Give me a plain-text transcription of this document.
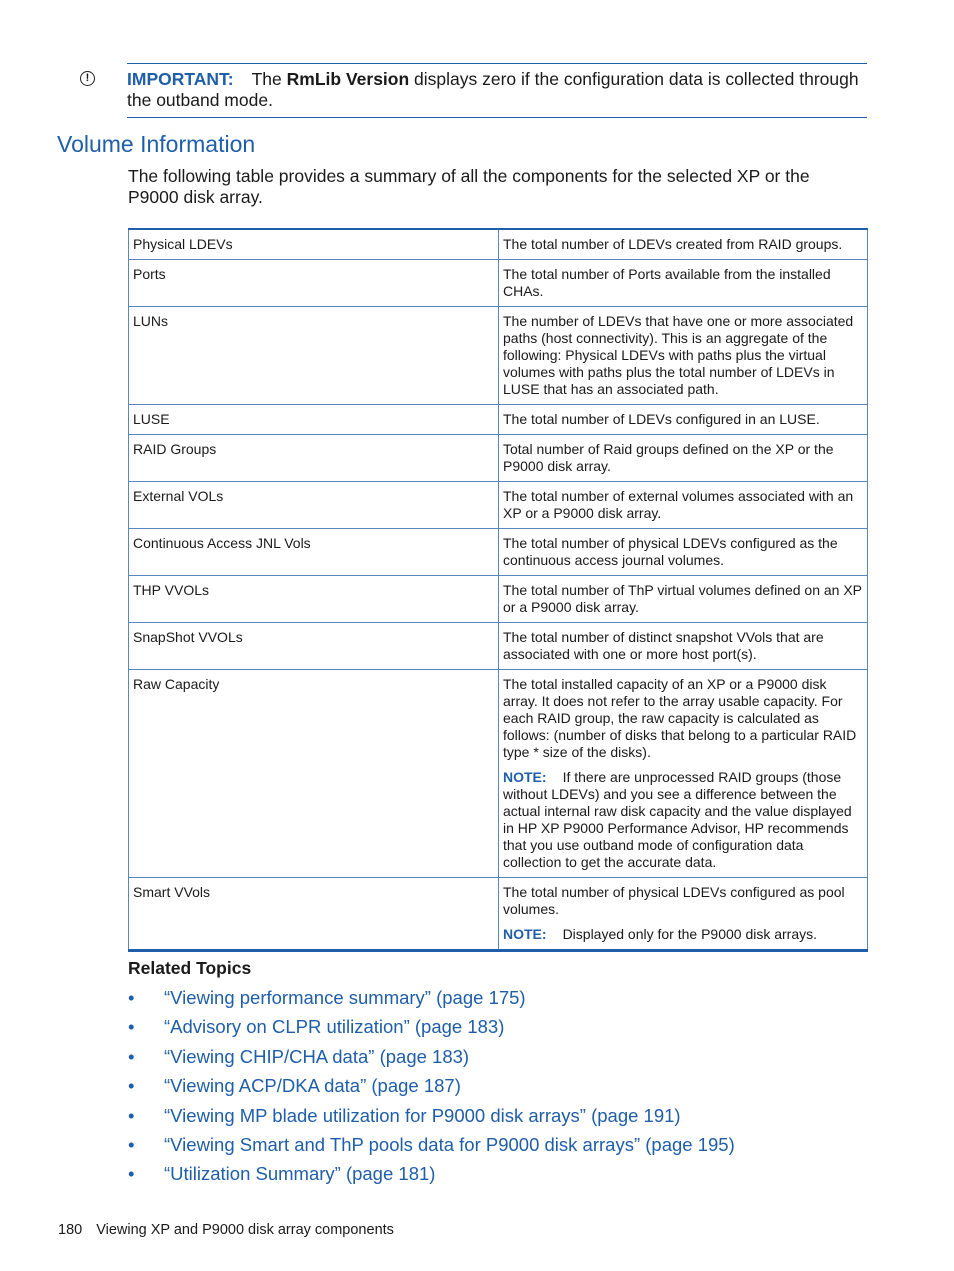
!	IMPORTANT: The RmLib Version displays zero if the configuration data is collected through the outband mode.
Volume Information

The following table provides a summary of all the components for the selected XP or the P9000 disk array.

Physical LDEVs	The total number of LDEVs created from RAID groups.

Ports	The total number of Ports available from the installed CHAs.

LUNs	The number of LDEVs that have one or more associated paths (host connectivity). This is an aggregate of the following: Physical LDEVs with paths plus the virtual volumes with paths plus the total number of LDEVs in LUSE that has an associated path.

LUSE	The total number of LDEVs configured in an LUSE.

RAID Groups	Total number of Raid groups defined on the XP or the P9000 disk array.

External VOLs	The total number of external volumes associated with an XP or a P9000 disk array.

Continuous Access JNL Vols	The total number of physical LDEVs configured as the continuous access journal volumes.

THP VVOLs	The total number of ThP virtual volumes defined on an XP or a P9000 disk array.

SnapShot VVOLs	The total number of distinct snapshot VVols that are associated with one or more host port(s).

Raw Capacity	The total installed capacity of an XP or a P9000 disk array. It does not refer to the array usable capacity. For each RAID group, the raw capacity is calculated as follows: (number of disks that belong to a particular RAID type * size of the disks).
NOTE: If there are unprocessed RAID groups (those without LDEVs) and you see a difference between the actual internal raw disk capacity and the value displayed in HP XP P9000 Performance Advisor, HP recommends that you use outband mode of configuration data collection to get the accurate data.

Smart VVols	The total number of physical LDEVs configured as pool volumes.
NOTE: Displayed only for the P9000 disk arrays.

Related Topics

• “Viewing performance summary” (page 175)
• “Advisory on CLPR utilization” (page 183)
• “Viewing CHIP/CHA data” (page 183)
• “Viewing ACP/DKA data” (page 187)
• “Viewing MP blade utilization for P9000 disk arrays” (page 191)
• “Viewing Smart and ThP pools data for P9000 disk arrays” (page 195)
• “Utilization Summary” (page 181)
180 Viewing XP and P9000 disk array components
